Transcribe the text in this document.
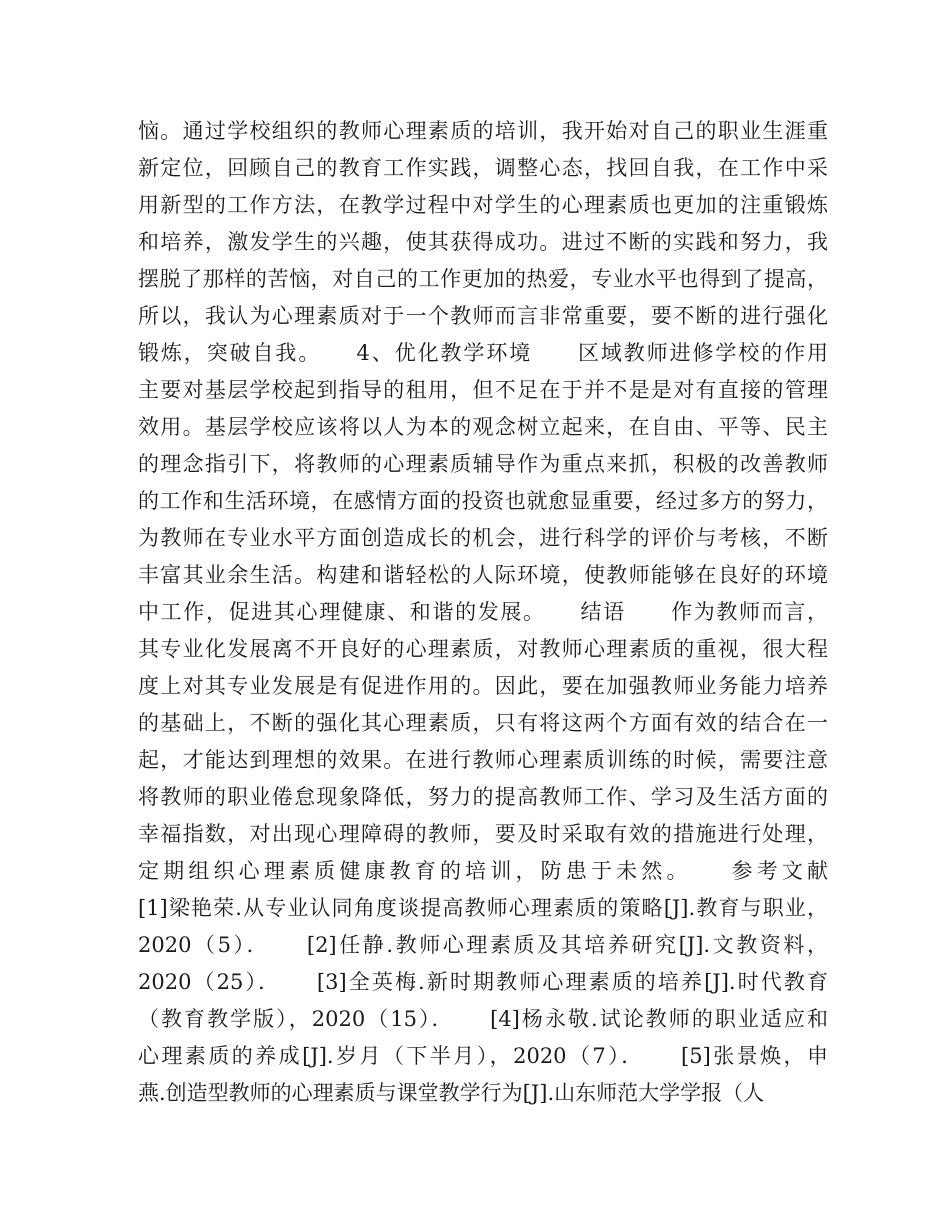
恼。通过学校组织的教师心理素质的培训，我开始对自己的职业生涯重
新定位，回顾自己的教育工作实践，调整心态，找回自我，在工作中采
用新型的工作方法，在教学过程中对学生的心理素质也更加的注重锻炼
和培养，激发学生的兴趣，使其获得成功。进过不断的实践和努力，我
摆脱了那样的苦恼，对自己的工作更加的热爱，专业水平也得到了提高，
所以，我认为心理素质对于一个教师而言非常重要，要不断的进行强化
锻炼，突破自我。　　4、优化教学环境　　区域教师进修学校的作用
主要对基层学校起到指导的租用，但不足在于并不是是对有直接的管理
效用。基层学校应该将以人为本的观念树立起来，在自由、平等、民主
的理念指引下，将教师的心理素质辅导作为重点来抓，积极的改善教师
的工作和生活环境，在感情方面的投资也就愈显重要，经过多方的努力，
为教师在专业水平方面创造成长的机会，进行科学的评价与考核，不断
丰富其业余生活。构建和谐轻松的人际环境，使教师能够在良好的环境
中工作，促进其心理健康、和谐的发展。　　结语　　作为教师而言，
其专业化发展离不开良好的心理素质，对教师心理素质的重视，很大程
度上对其专业发展是有促进作用的。因此，要在加强教师业务能力培养
的基础上，不断的强化其心理素质，只有将这两个方面有效的结合在一
起，才能达到理想的效果。在进行教师心理素质训练的时候，需要注意
将教师的职业倦怠现象降低，努力的提高教师工作、学习及生活方面的
幸福指数，对出现心理障碍的教师，要及时采取有效的措施进行处理，
定期组织心理素质健康教育的培训，防患于未然。　　参考文献
[1]梁艳荣.从专业认同角度谈提高教师心理素质的策略[J].教育与职业，
2020（5）．　　[2]任静.教师心理素质及其培养研究[J].文教资料，
2020（25）．　　[3]全英梅.新时期教师心理素质的培养[J].时代教育
（教育教学版），2020（15）．　　[4]杨永敬.试论教师的职业适应和
心理素质的养成[J].岁月（下半月），2020（7）．　　[5]张景焕，申
燕.创造型教师的心理素质与课堂教学行为[J].山东师范大学学报（人
